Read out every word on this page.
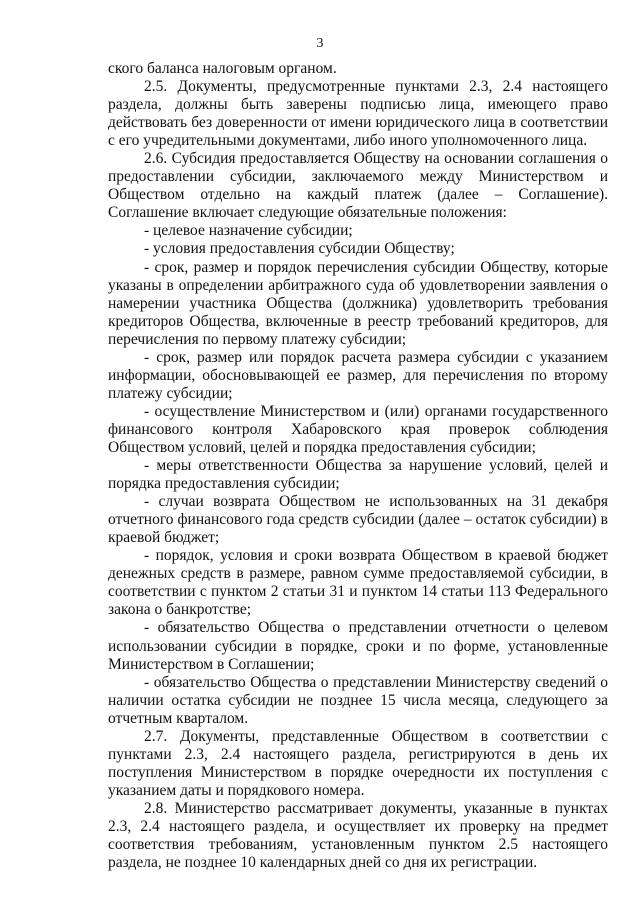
3

ского баланса налоговым органом.

2.5. Документы, предусмотренные пунктами 2.3, 2.4 настоящего раздела, должны быть заверены подписью лица, имеющего право действовать без доверенности от имени юридического лица в соответствии с его учредительными документами, либо иного уполномоченного лица.

2.6. Субсидия предоставляется Обществу на основании соглашения о предоставлении субсидии, заключаемого между Министерством и Обществом отдельно на каждый платеж (далее – Соглашение). Соглашение включает следующие обязательные положения:

- целевое назначение субсидии;

- условия предоставления субсидии Обществу;

- срок, размер и порядок перечисления субсидии Обществу, которые указаны в определении арбитражного суда об удовлетворении заявления о намерении участника Общества (должника) удовлетворить требования кредиторов Общества, включенные в реестр требований кредиторов, для перечисления по первому платежу субсидии;

- срок, размер или порядок расчета размера субсидии с указанием информации, обосновывающей ее размер, для перечисления по второму платежу субсидии;

- осуществление Министерством и (или) органами государственного финансового контроля Хабаровского края проверок соблюдения Обществом условий, целей и порядка предоставления субсидии;

- меры ответственности Общества за нарушение условий, целей и порядка предоставления субсидии;

- случаи возврата Обществом не использованных на 31 декабря отчетного финансового года средств субсидии (далее – остаток субсидии) в краевой бюджет;

- порядок, условия и сроки возврата Обществом в краевой бюджет денежных средств в размере, равном сумме предоставляемой субсидии, в соответствии с пунктом 2 статьи 31 и пунктом 14 статьи 113 Федерального закона о банкротстве;

- обязательство Общества о представлении отчетности о целевом использовании субсидии в порядке, сроки и по форме, установленные Министерством в Соглашении;

- обязательство Общества о представлении Министерству сведений о наличии остатка субсидии не позднее 15 числа месяца, следующего за отчетным кварталом.

2.7. Документы, представленные Обществом в соответствии с пунктами 2.3, 2.4 настоящего раздела, регистрируются в день их поступления Министерством в порядке очередности их поступления с указанием даты и порядкового номера.

2.8. Министерство рассматривает документы, указанные в пунктах 2.3, 2.4 настоящего раздела, и осуществляет их проверку на предмет соответствия требованиям, установленным пунктом 2.5 настоящего раздела, не позднее 10 календарных дней со дня их регистрации.
